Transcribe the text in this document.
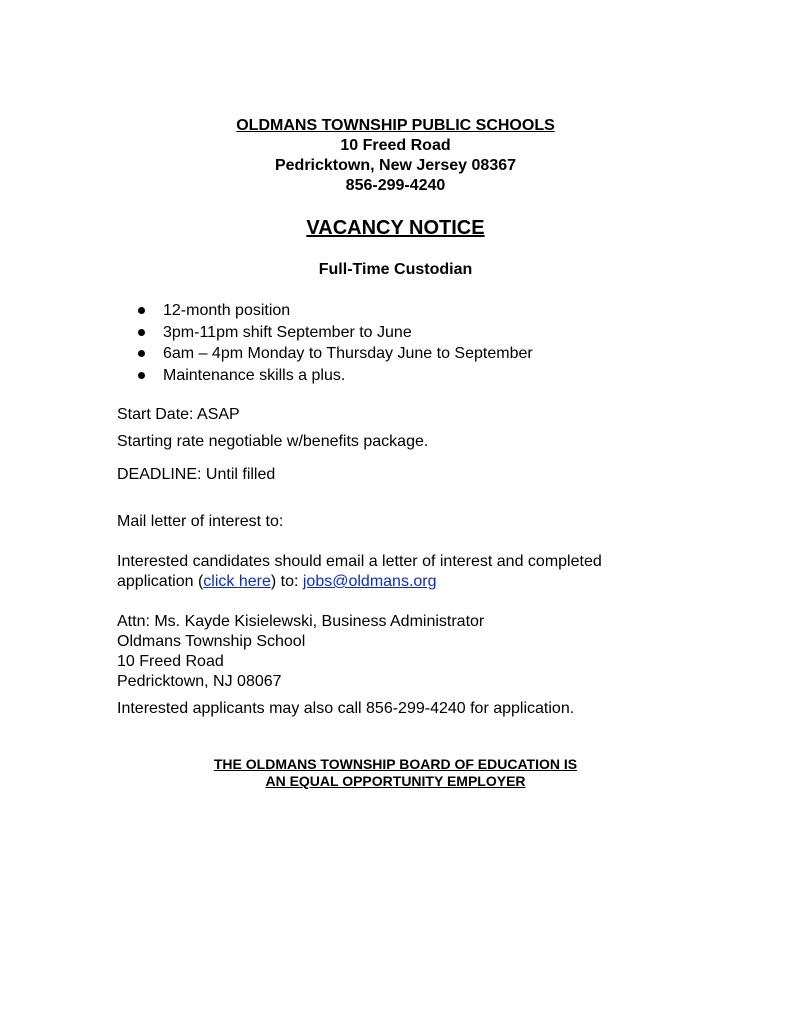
OLDMANS TOWNSHIP PUBLIC SCHOOLS
10 Freed Road
Pedricktown, New Jersey 08367
856-299-4240
VACANCY NOTICE
Full-Time Custodian
12-month position
3pm-11pm shift September to June
6am – 4pm Monday to Thursday June to September
Maintenance skills a plus.
Start Date: ASAP
Starting rate negotiable w/benefits package.
DEADLINE: Until filled
Mail letter of interest to:
Interested candidates should email a letter of interest and completed
application (click here) to: jobs@oldmans.org
Attn: Ms. Kayde Kisielewski, Business Administrator
Oldmans Township School
10 Freed Road
Pedricktown, NJ 08067
Interested applicants may also call 856-299-4240 for application.
THE OLDMANS TOWNSHIP BOARD OF EDUCATION IS
AN EQUAL OPPORTUNITY EMPLOYER
